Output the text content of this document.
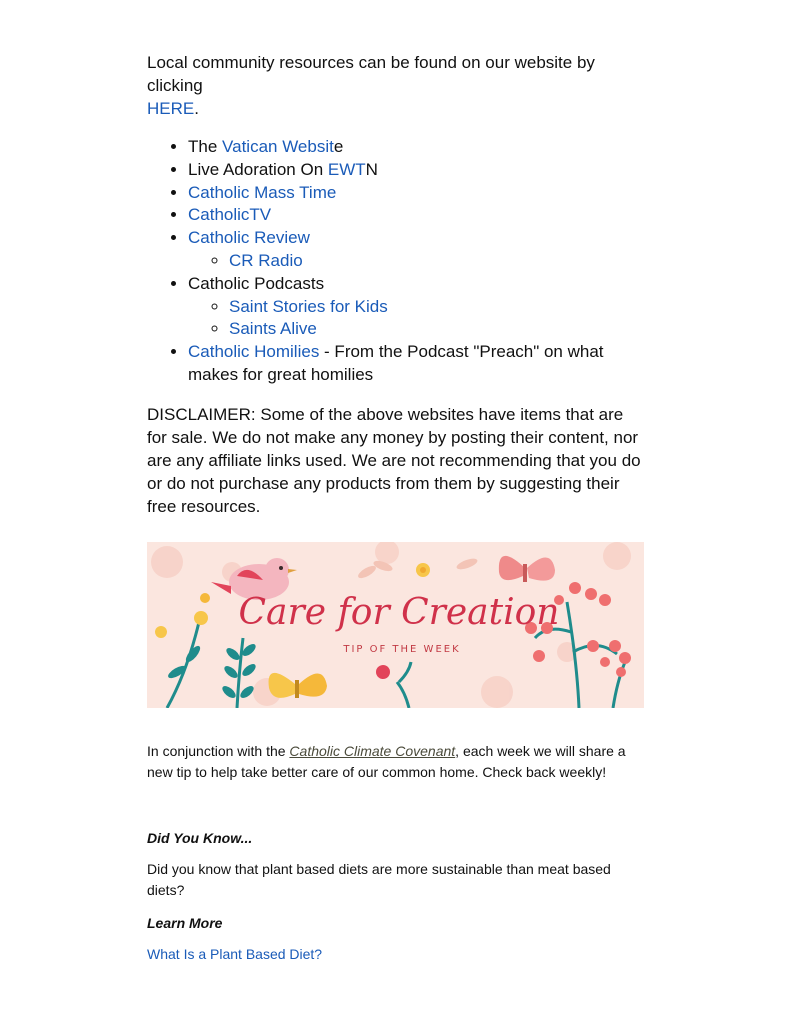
Local community resources can be found on our website by clicking
HERE.

• The Vatican Website
• Live Adoration On EWTN
• Catholic Mass Time
• CatholicTV
• Catholic Review
◦ CR Radio
• Catholic Podcasts
◦ Saint Stories for Kids
◦ Saints Alive
• Catholic Homilies - From the Podcast "Preach" on what makes for great homilies

DISCLAIMER: Some of the above websites have items that are for sale. We do not make any money by posting their content, nor are any affiliate links used. We are not recommending that you do or do not purchase any products from them by suggesting their free resources.

Care for Creation
TIP OF THE WEEK

In conjunction with the Catholic Climate Covenant, each week we will share a new tip to help take better care of our common home. Check back weekly!

Did You Know...

Did you know that plant based diets are more sustainable than meat based diets?

Learn More

What Is a Plant Based Diet?
